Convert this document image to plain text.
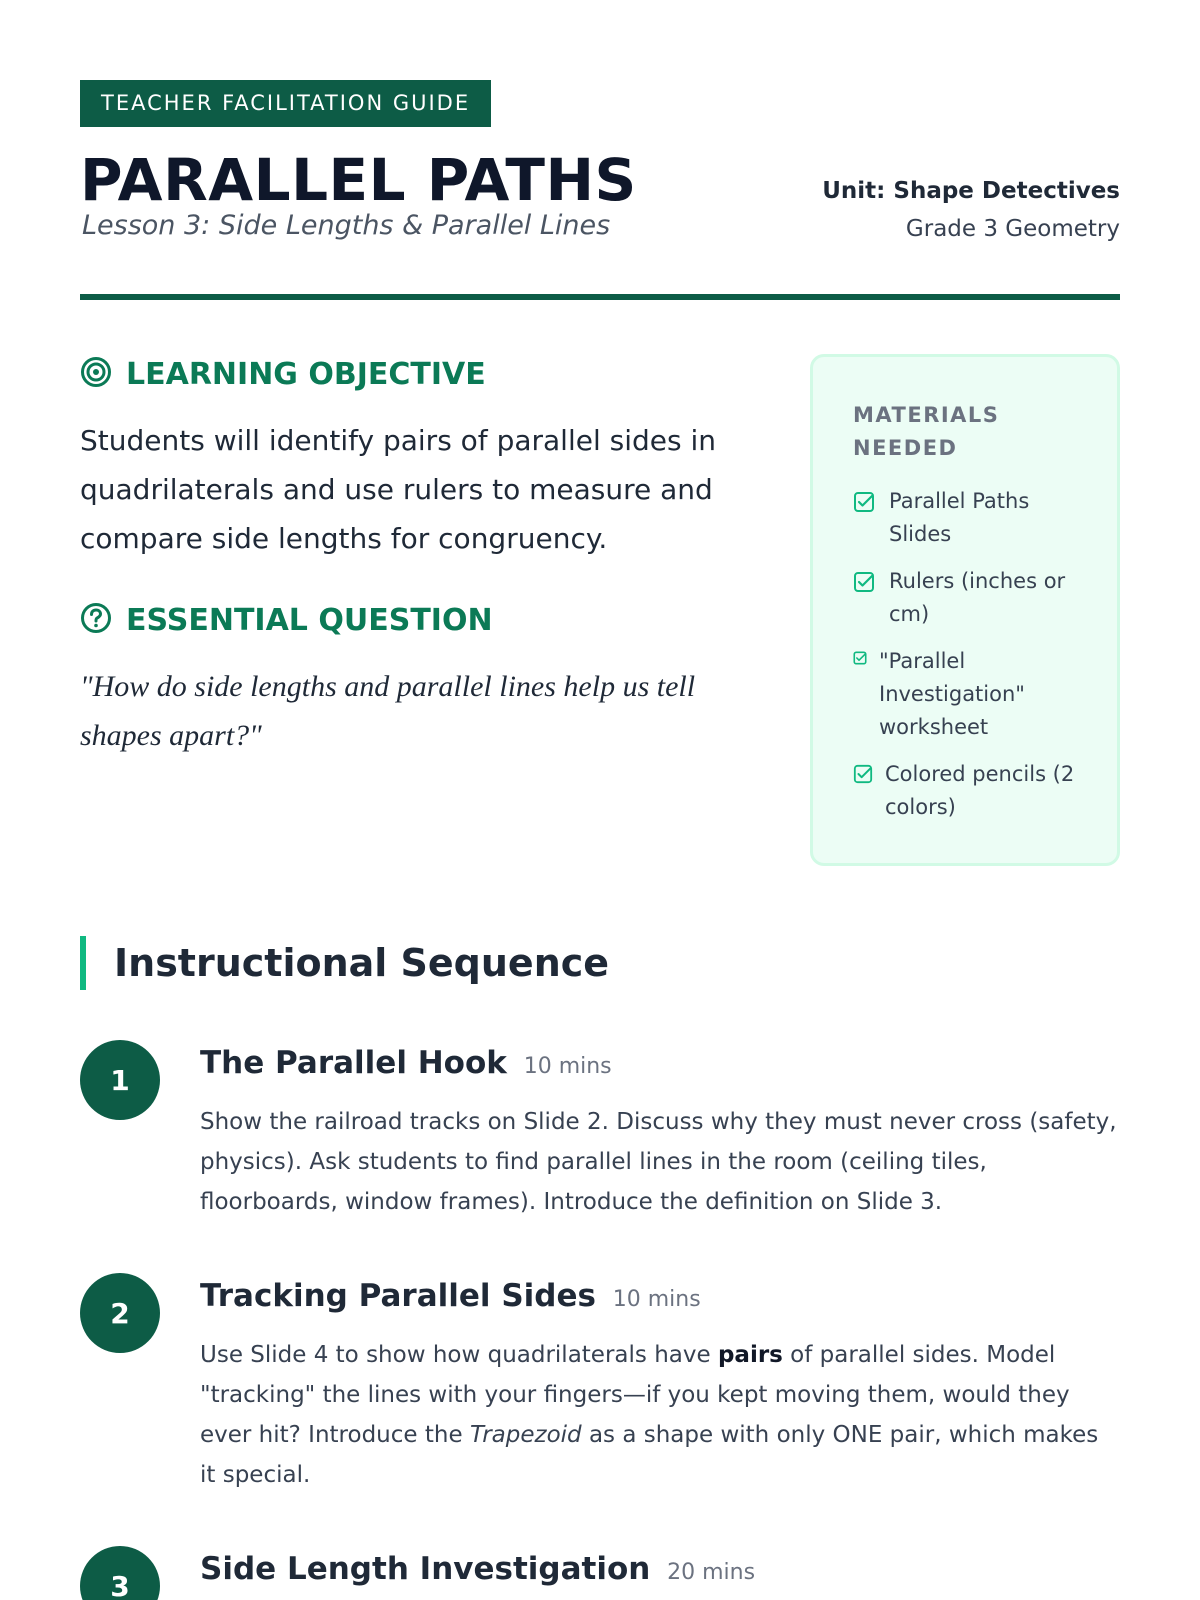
TEACHER FACILITATION GUIDE
PARALLEL PATHS
Lesson 3: Side Lengths & Parallel Lines
Unit: Shape Detectives
Grade 3 Geometry
LEARNING OBJECTIVE

Students will identify pairs of parallel sides in quadrilaterals and use rulers to measure and compare side lengths for congruency.

ESSENTIAL QUESTION

"How do side lengths and parallel lines help us tell shapes apart?"

MATERIALS NEEDED
Parallel Paths Slides
Rulers (inches or cm)
"Parallel Investigation" worksheet
Colored pencils (2 colors)
Instructional Sequence
1	The Parallel Hook 10 mins

Show the railroad tracks on Slide 2. Discuss why they must never cross (safety, physics). Ask students to find parallel lines in the room (ceiling tiles, floorboards, window frames). Introduce the definition on Slide 3.

2	Tracking Parallel Sides 10 mins

Use Slide 4 to show how quadrilaterals have pairs of parallel sides. Model "tracking" the lines with your fingers—if you kept moving them, would they ever hit? Introduce the Trapezoid as a shape with only ONE pair, which makes it special.

3	Side Length Investigation 20 mins
